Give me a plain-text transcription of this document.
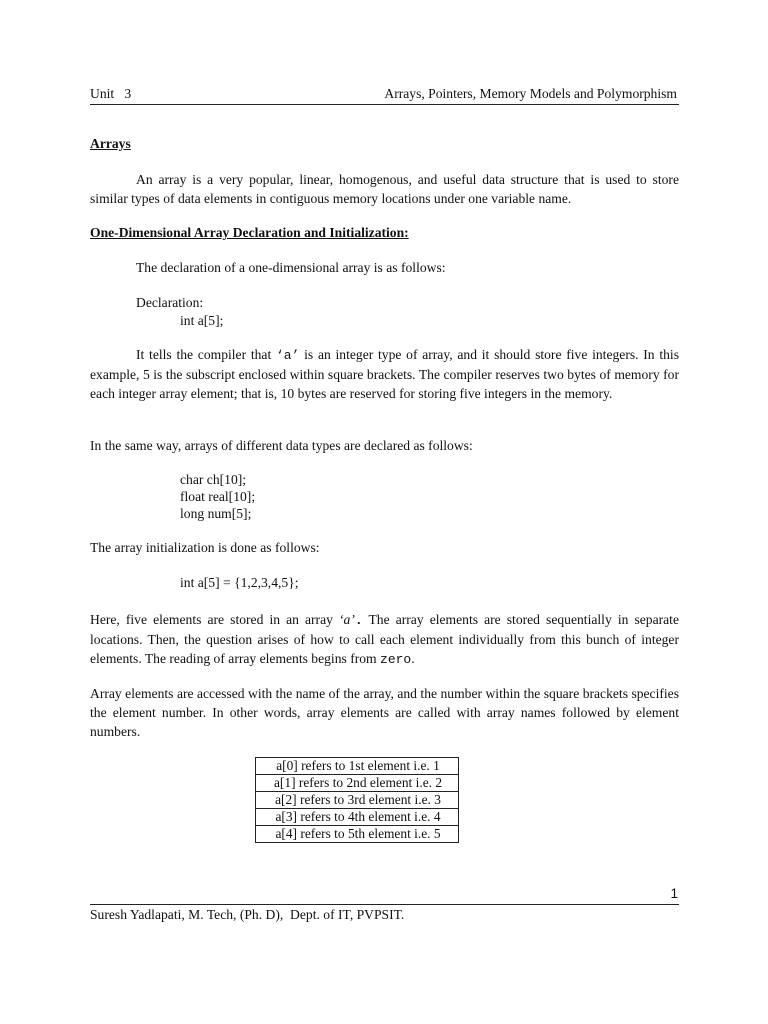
Unit   3	Arrays, Pointers, Memory Models and Polymorphism
Arrays
An array is a very popular, linear, homogenous, and useful data structure that is used to store similar types of data elements in contiguous memory locations under one variable name.
One-Dimensional Array Declaration and Initialization:
The declaration of a one-dimensional array is as follows:
Declaration:
int a[5];
It tells the compiler that ‘a’ is an integer type of array, and it should store five integers. In this example, 5 is the subscript enclosed within square brackets. The compiler reserves two bytes of memory for each integer array element; that is, 10 bytes are reserved for storing five integers in the memory.
In the same way, arrays of different data types are declared as follows:
char ch[10];
float real[10];
long num[5];
The array initialization is done as follows:
int a[5] = {1,2,3,4,5};
Here, five elements are stored in an array ‘a’. The array elements are stored sequentially in separate locations. Then, the question arises of how to call each element individually from this bunch of integer elements. The reading of array elements begins from zero.
Array elements are accessed with the name of the array, and the number within the square brackets specifies the element number. In other words, array elements are called with array names followed by element numbers.
a[0] refers to 1st element i.e. 1
a[1] refers to 2nd element i.e. 2
a[2] refers to 3rd element i.e. 3
a[3] refers to 4th element i.e. 4
a[4] refers to 5th element i.e. 5
1
Suresh Yadlapati, M. Tech, (Ph. D),  Dept. of IT, PVPSIT.
